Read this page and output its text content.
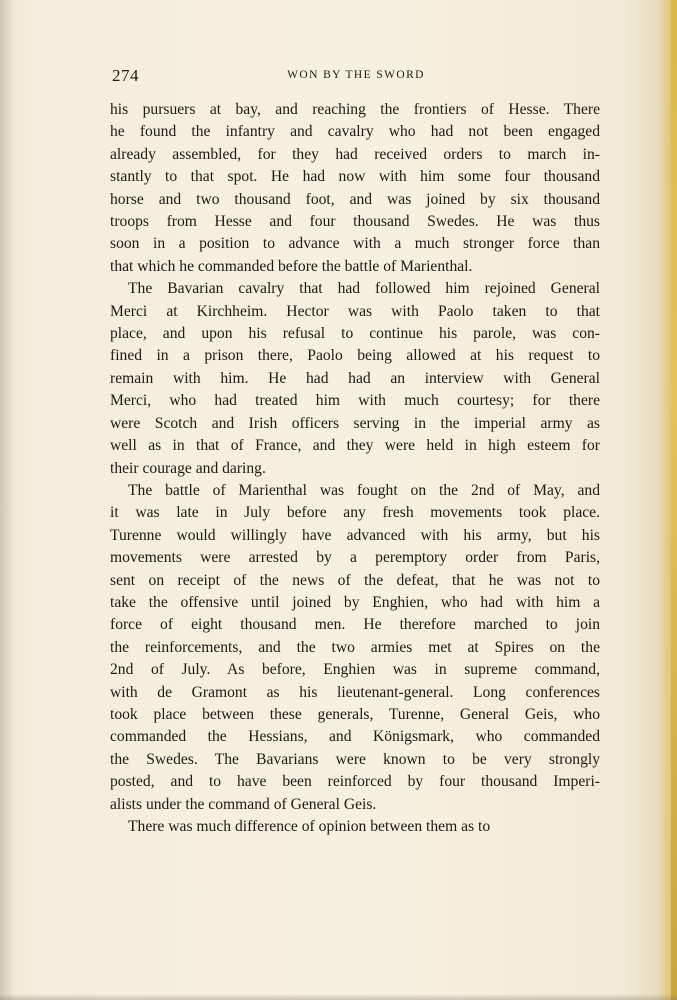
274	WON BY THE SWORD
his pursuers at bay, and reaching the frontiers of Hesse. There
he found the infantry and cavalry who had not been engaged
already assembled, for they had received orders to march in-
stantly to that spot. He had now with him some four thousand
horse and two thousand foot, and was joined by six thousand
troops from Hesse and four thousand Swedes. He was thus
soon in a position to advance with a much stronger force than
that which he commanded before the battle of Marienthal.
The Bavarian cavalry that had followed him rejoined General
Merci at Kirchheim. Hector was with Paolo taken to that
place, and upon his refusal to continue his parole, was con-
fined in a prison there, Paolo being allowed at his request to
remain with him. He had had an interview with General
Merci, who had treated him with much courtesy; for there
were Scotch and Irish officers serving in the imperial army as
well as in that of France, and they were held in high esteem for
their courage and daring.
The battle of Marienthal was fought on the 2nd of May, and
it was late in July before any fresh movements took place.
Turenne would willingly have advanced with his army, but his
movements were arrested by a peremptory order from Paris,
sent on receipt of the news of the defeat, that he was not to
take the offensive until joined by Enghien, who had with him a
force of eight thousand men. He therefore marched to join
the reinforcements, and the two armies met at Spires on the
2nd of July. As before, Enghien was in supreme command,
with de Gramont as his lieutenant-general. Long conferences
took place between these generals, Turenne, General Geis, who
commanded the Hessians, and Königsmark, who commanded
the Swedes. The Bavarians were known to be very strongly
posted, and to have been reinforced by four thousand Imperi-
alists under the command of General Geis.
There was much difference of opinion between them as to
